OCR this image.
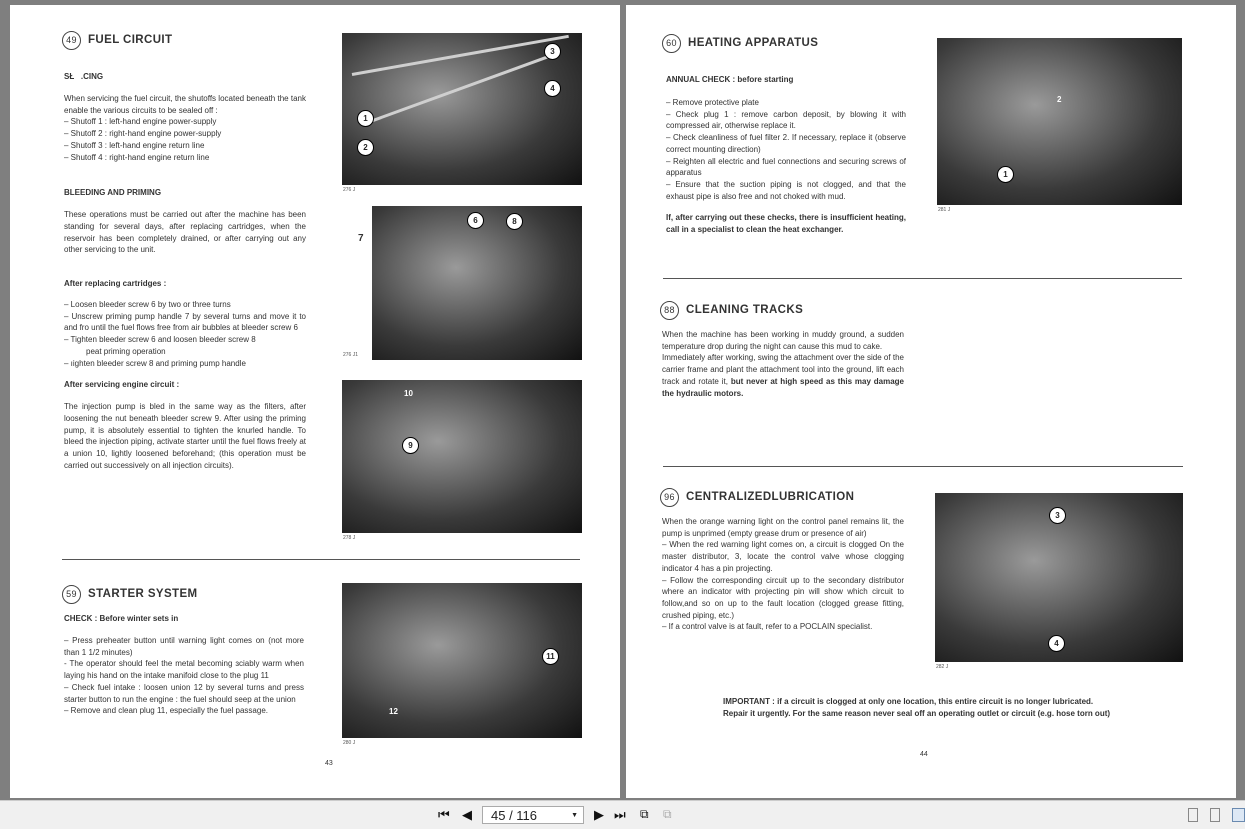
49 FUEL CIRCUIT
SŁ   .CING
When servicing the fuel circuit, the shutoffs located beneath the tank enable the various circuits to be sealed off :
– Shutoff 1 : left-hand engine power-supply
– Shutoff 2 : right-hand engine power-supply
– Shutoff 3 : left-hand engine return line
– Shutoff 4 : right-hand engine return line
BLEEDING AND PRIMING
These operations must be carried out after the machine has been standing for several days, after replacing cartridges, when the reservoir has been completely drained, or after carrying out any other servicing to the unit.
After replacing cartridges :
– Loosen bleeder screw 6 by two or three turns
– Unscrew priming pump handle 7 by several turns and move it to and fro until the fuel flows free from air bubbles at bleeder screw 6
– Tighten bleeder screw 6 and loosen bleeder screw 8
peat priming operation
– ıighten bleeder screw 8 and priming pump handle
After servicing engine circuit :
The injection pump is bled in the same way as the filters, after loosening the nut beneath bleeder screw 9. After using the priming pump, it is absolutely essential to tighten the knurled handle. To bleed the injection piping, activate starter until the fuel flows freely at a union 10, lightly loosened beforehand; (this operation must be carried out successively on all injection circuits).
59 STARTER SYSTEM
CHECK : Before winter sets in
– Press preheater button until warning light comes on (not more than 1 1/2 minutes)
- The operator should feel the metal becoming ɜciably warm when laying his hand on the intake manifoid close to the plug 11
– Check fuel intake : loosen union 12 by several turns and press starter button to run the engine : the fuel should seep at the union
– Remove and clean plug 11, especially the fuel passage.
43
3
4
1
2
276 J
6	8
7
276 J1
10
9
278 J
11
12
280 J
60 HEATING APPARATUS
ANNUAL CHECK : before starting
– Remove protective plate
– Check plug 1 : remove carbon deposit, by blowing it with compressed air, otherwise replace it.
– Check cleanliness of fuel filter 2. If necessary, replace it (observe correct mounting direction)
– Reighten all electric and fuel connections and securing screws of apparatus
– Ensure that the suction piping is not clogged, and that the exhaust pipe is also free and not choked with mud.
If, after carrying out these checks, there is insufficient heating, call in a specialist to clean the heat exchanger.
88 CLEANING TRACKS
When the machine has been working in muddy ground, a sudden temperature drop during the night can cause this mud to cake.
Immediately after working, swing the attachment over the side of the carrier frame and plant the attachment tool into the ground, lift each track and rotate it, but never at high speed as this may damage the hydraulic motors.
96 CENTRALIZEDLUBRICATION
When the orange warning light on the control panel remains lit, the pump is unprimed (empty grease drum or presence of air)
– When the red warning light comes on, a circuit is clogged On the master distributor, 3, locate the control valve whose clogging indicator 4 has a pin projecting.
– Follow the corresponding circuit up to the secondary distributor where an indicator with projecting pin will show which circuit to follow,and so on up to the fault location (clogged grease fitting, crushed piping, etc.)
– If a control valve is at fault, refer to a POCLAIN specialist.
IMPORTANT : if a circuit is clogged at only one location, this entire circuit is no longer lubricated.
Repair it urgently. For the same reason never seal off an operating outlet or circuit (e.g. hose torn out)
44
1
2
281 J
3
4
282 J
⏮ ◀	45 / 116	▼ ▶ ⏭ ⧉ ⧉
